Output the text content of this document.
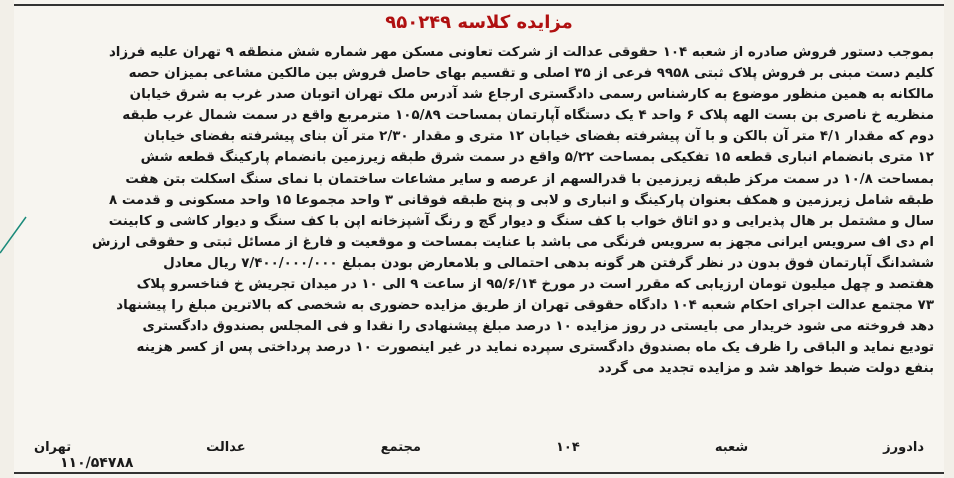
مزایده کلاسه ۹۵۰۲۴۹
بموجب دستور فروش صادره از شعبه ۱۰۴ حقوقی عدالت از شرکت تعاونی مسکن مهر شماره شش منطقه ۹ تهران علیه فرزاد
کلیم دست مبنی بر فروش پلاک ثبتی ۹۹۵۸ فرعی از ۳۵ اصلی و تقسیم بهای حاصل فروش بین مالکین مشاعی بمیزان حصه
مالکانه به همین منظور موضوع به کارشناس رسمی دادگستری ارجاع شد آدرس ملک تهران اتوبان صدر غرب به شرق خیابان
منظریه خ ناصری بن بست الهه پلاک ۶ واحد ۴ یک دستگاه آپارتمان بمساحت ۱۰۵/۸۹ مترمربع واقع در سمت شمال غرب طبقه
دوم که مقدار ۴/۱ متر آن بالکن و با آن پیشرفته بفضای خیابان ۱۲ متری و مقدار ۲/۳۰ متر آن بنای پیشرفته بفضای خیابان
۱۲ متری بانضمام انباری قطعه ۱۵ تفکیکی بمساحت ۵/۲۲ واقع در سمت شرق طبقه زیرزمین بانضمام پارکینگ قطعه شش
بمساحت ۱۰/۸ در سمت مرکز طبقه زیرزمین با قدرالسهم از عرصه و سایر مشاعات ساختمان با نمای سنگ اسکلت بتن هفت
طبقه شامل زیرزمین و همکف بعنوان پارکینگ و انباری و لابی و پنج طبقه فوقانی ۳ واحد مجموعا ۱۵ واحد مسکونی و قدمت ۸
سال و مشتمل بر هال پذیرایی و دو اتاق خواب با کف سنگ و دیوار گچ و رنگ آشپزخانه اپن با کف سنگ و دیوار کاشی و کابینت
ام دی اف سرویس ایرانی مجهز به سرویس فرنگی می باشد با عنایت بمساحت و موقعیت و فارغ از مسائل ثبتی و حقوقی ارزش
ششدانگ آپارتمان فوق بدون در نظر گرفتن هر گونه بدهی احتمالی و بلامعارض بودن بمبلغ ۷/۴۰۰/۰۰۰/۰۰۰ ریال معادل
هفتصد و چهل میلیون تومان ارزیابی که مقرر است در مورخ ۹۵/۶/۱۴ از ساعت ۹ الی ۱۰ در میدان تجریش خ فناخسرو پلاک
۷۳ مجتمع عدالت اجرای احکام شعبه ۱۰۴ دادگاه حقوقی تهران از طریق مزایده حضوری به شخصی که بالاترین مبلغ را پیشنهاد
دهد فروخته می شود خریدار می بایستی در روز مزایده ۱۰ درصد مبلغ پیشنهادی را نقدا و فی المجلس بصندوق دادگستری
تودیع نماید و الباقی را ظرف یک ماه بصندوق دادگستری سپرده نماید در غیر اینصورت ۱۰ درصد پرداختی پس از کسر هزینه
بنفع دولت ضبط خواهد شد و مزایده تجدید می گردد
دادورز
شعبه
۱۰۴
مجتمع
عدالت
تهران
۱۱۰/۵۴۷۸۸
